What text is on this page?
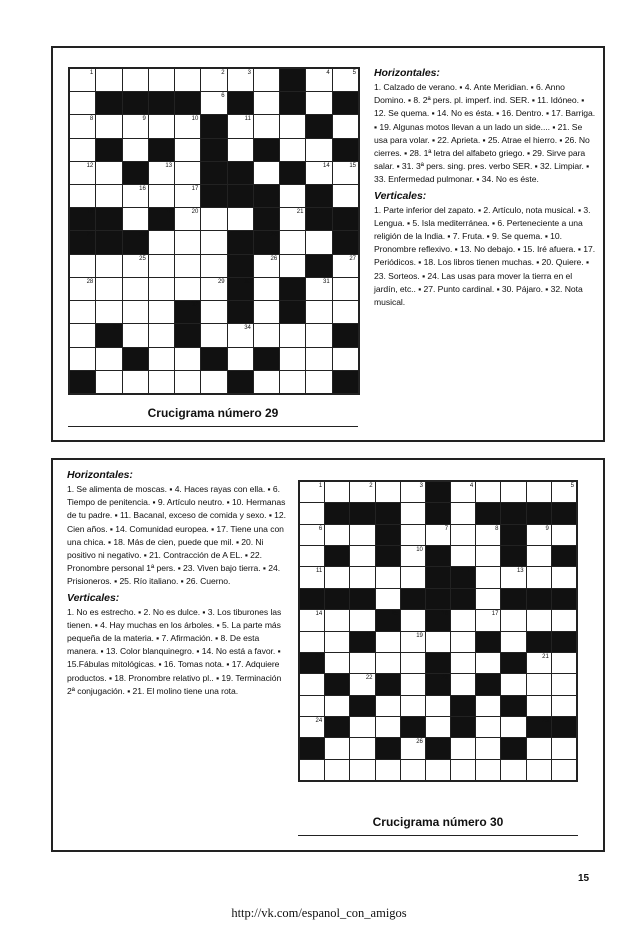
1	2	3	4	5
6	7
8	9	10	11
12	13	14	15
16	17
18	19	20	21
22	23	24
25	26	27
28	29	30	31
32
33	34
Horizontales:

1. Calzado de verano. ▪ 4. Ante Meridian. ▪ 6. Anno Domino. ▪ 8. 2ª pers. pl. imperf. ind. SER. ▪ 11. Idóneo. ▪ 12. Se quema. ▪ 14. No es ésta. ▪ 16. Dentro. ▪ 17. Barriga. ▪ 19. Algunas motos llevan a un lado un side.... ▪ 21. Se usa para volar. ▪ 22. Aprieta. ▪ 25. Atrae el hierro. ▪ 26. No cierres. ▪ 28. 1ª letra del alfabeto griego. ▪ 29. Sirve para salar. ▪ 31. 3ª pers. sing. pres. verbo SER. ▪ 32. Limpiar. ▪ 33. Enfermedad pulmonar. ▪ 34. No es éste.

Verticales:

1. Parte inferior del zapato. ▪ 2. Artículo, nota musical. ▪ 3. Lengua. ▪ 5. Isla mediterránea. ▪ 6. Perteneciente a una religión de la India. ▪ 7. Fruta. ▪ 9. Se quema. ▪ 10. Pronombre reflexivo. ▪ 13. No debajo. ▪ 15. Iré afuera. ▪ 17. Periódicos. ▪ 18. Los libros tienen muchas. ▪ 20. Quiere. ▪ 23. Sorteos. ▪ 24. Las usas para mover la tierra en el jardín, etc.. ▪ 27. Punto cardinal. ▪ 30. Pájaro. ▪ 32. Nota musical.

Crucigrama número 29
Horizontales:

1. Se alimenta de moscas. ▪ 4. Haces rayas con ella. ▪ 6. Tiempo de penitencia. ▪ 9. Artículo neutro. ▪ 10. Hermanas de tu padre. ▪ 11. Bacanal, exceso de comida y sexo. ▪ 12. Cien años. ▪ 14. Comunidad europea. ▪ 17. Tiene una con una chica. ▪ 18. Más de cien, puede que mil. ▪ 20. Ni positivo ni negativo. ▪ 21. Contracción de A EL. ▪ 22. Pronombre personal 1ª pers. ▪ 23. Viven bajo tierra. ▪ 24. Prisioneros. ▪ 25. Río italiano. ▪ 26. Cuerno.

Verticales:

1. No es estrecho. ▪ 2. No es dulce. ▪ 3. Los tiburones las tienen. ▪ 4. Hay muchas en los árboles. ▪ 5. La parte más pequeña de la materia. ▪ 7. Afirmación. ▪ 8. De esta manera. ▪ 13. Color blanquinegro. ▪ 14. No está a favor. ▪ 15.Fábulas mitológicas. ▪ 16. Tomas nota. ▪ 17. Adquiere productos. ▪ 18. Pronombre relativo pl.. ▪ 19. Terminación 2ª conjugación. ▪ 21. El molino tiene una rota.

1	2	3	4	5
6	7	8	9
10
11	12	13
14	15	16	17
18	19
20	21
22	23
24	25
26
Crucigrama número 30
15
http://vk.com/espanol_con_amigos
